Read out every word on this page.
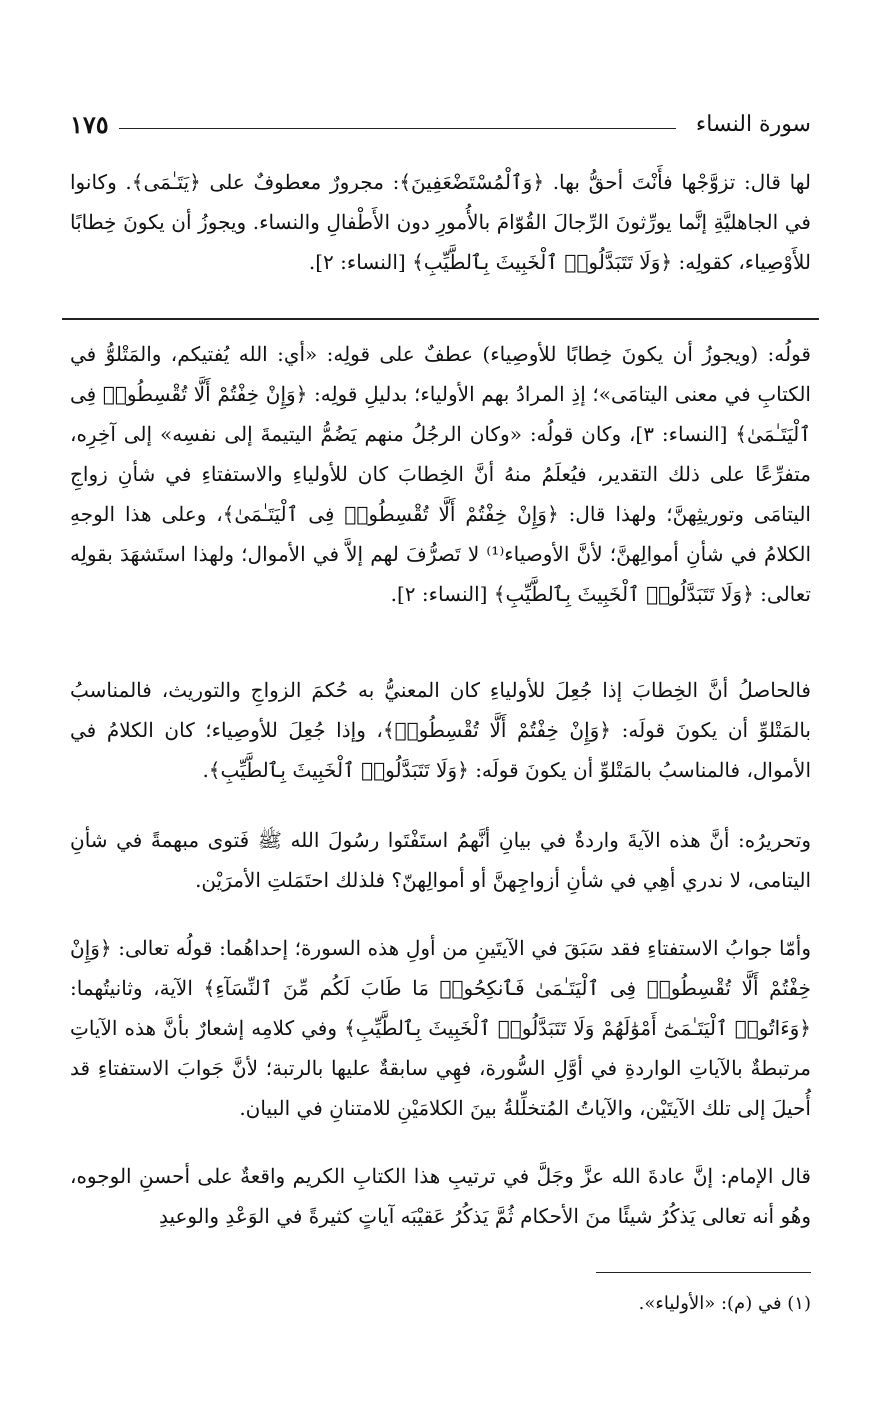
سورة النساء
١٧٥

لها قال: تزوَّجْها فأَنْتَ أحقُّ بها. ﴿وَٱلْمُسْتَضْعَفِينَ﴾: مجرورٌ معطوفٌ على ﴿يَتَـٰمَى﴾. وكانوا في الجاهليَّةِ إنَّما يورِّثونَ الرِّجالَ القُوّامَ بالأُمورِ دون الأَطْفالِ والنساء. ويجوزُ أن يكونَ خِطابًا للأَوْصِياء، كقولِه: ﴿وَلَا تَتَبَدَّلُوا۟ ٱلْخَبِيثَ بِٱلطَّيِّبِ﴾ [النساء: ٢].

قولُه: (ويجوزُ أن يكونَ خِطابًا للأوصِياء) عطفٌ على قولِه: «أي: الله يُفتيكم، والمَتْلوُّ في الكتابِ في معنى اليتامَى»؛ إذِ المرادُ بهم الأولياء؛ بدليلِ قولِه: ﴿وَإِنْ خِفْتُمْ أَلَّا تُقْسِطُوا۟ فِى ٱلْيَتَـٰمَىٰ﴾ [النساء: ٣]، وكان قولُه: «وكان الرجُلُ منهم يَضُمُّ اليتيمةَ إلى نفسِه» إلى آخِرِه، متفرِّعًا على ذلك التقدير، فيُعلَمُ منهُ أنَّ الخِطابَ كان للأولياءِ والاستفتاءِ في شأنِ زواجِ اليتامَى وتوريثِهنَّ؛ ولهذا قال: ﴿وَإِنْ خِفْتُمْ أَلَّا تُقْسِطُوا۟ فِى ٱلْيَتَـٰمَىٰ﴾، وعلى هذا الوجهِ الكلامُ في شأنِ أموالِهنَّ؛ لأنَّ الأوصياء⁽¹⁾ لا تَصرُّفَ لهم إلاَّ في الأموال؛ ولهذا استَشهَدَ بقولِه تعالى: ﴿وَلَا تَتَبَدَّلُوا۟ ٱلْخَبِيثَ بِٱلطَّيِّبِ﴾ [النساء: ٢].

فالحاصلُ أنَّ الخِطابَ إذا جُعِلَ للأولياءِ كان المعنيُّ به حُكمَ الزواجِ والتوريث، فالمناسبُ بالمَتْلوِّ أن يكونَ قولَه: ﴿وَإِنْ خِفْتُمْ أَلَّا تُقْسِطُوا۟﴾، وإذا جُعِلَ للأوصِياء؛ كان الكلامُ في الأموال، فالمناسبُ بالمَتْلوِّ أن يكونَ قولَه: ﴿وَلَا تَتَبَدَّلُوا۟ ٱلْخَبِيثَ بِٱلطَّيِّبِ﴾.

وتحريرُه: أنَّ هذه الآيةَ واردةٌ في بيانِ أنَّهمُ استَفْتَوا رسُولَ الله ﷺ فَتوى مبهمةً في شأنِ اليتامى، لا ندري أهِي في شأنِ أزواجِهنَّ أو أموالِهنّ؟ فلذلك احتَمَلتِ الأمرَيْن.

وأمّا جوابُ الاستفتاءِ فقد سَبَقَ في الآيتَينِ من أولِ هذه السورة؛ إحداهُما: قولُه تعالى: ﴿وَإِنْ خِفْتُمْ أَلَّا تُقْسِطُوا۟ فِى ٱلْيَتَـٰمَىٰ فَٱنكِحُوا۟ مَا طَابَ لَكُم مِّنَ ٱلنِّسَآءِ﴾ الآية، وثانيتُهما: ﴿وَءَاتُوا۟ ٱلْيَتَـٰمَىٰٓ أَمْوَٰلَهُمْ وَلَا تَتَبَدَّلُوا۟ ٱلْخَبِيثَ بِٱلطَّيِّبِ﴾ وفي كلامِه إشعارٌ بأنَّ هذه الآياتِ مرتبطةٌ بالآياتِ الواردةِ في أوَّلِ السُّورة، فهِي سابقةٌ عليها بالرتبة؛ لأنَّ جَوابَ الاستفتاءِ قد أُحيلَ إلى تلك الآيتَيْن، والآياتُ المُتخلِّلةُ بينَ الكلامَيْنِ للامتنانِ في البيان.

قال الإمام: إنَّ عادةَ الله عزَّ وجَلَّ في ترتيبِ هذا الكتابِ الكريم واقعةٌ على أحسنِ الوجوه، وهُو أنه تعالى يَذكُرُ شيئًا منَ الأحكام ثُمَّ يَذكُرُ عَقيْبَه آياتٍ كثيرةً في الوَعْدِ والوعيدِ

(١) في (م): «الأولياء».
